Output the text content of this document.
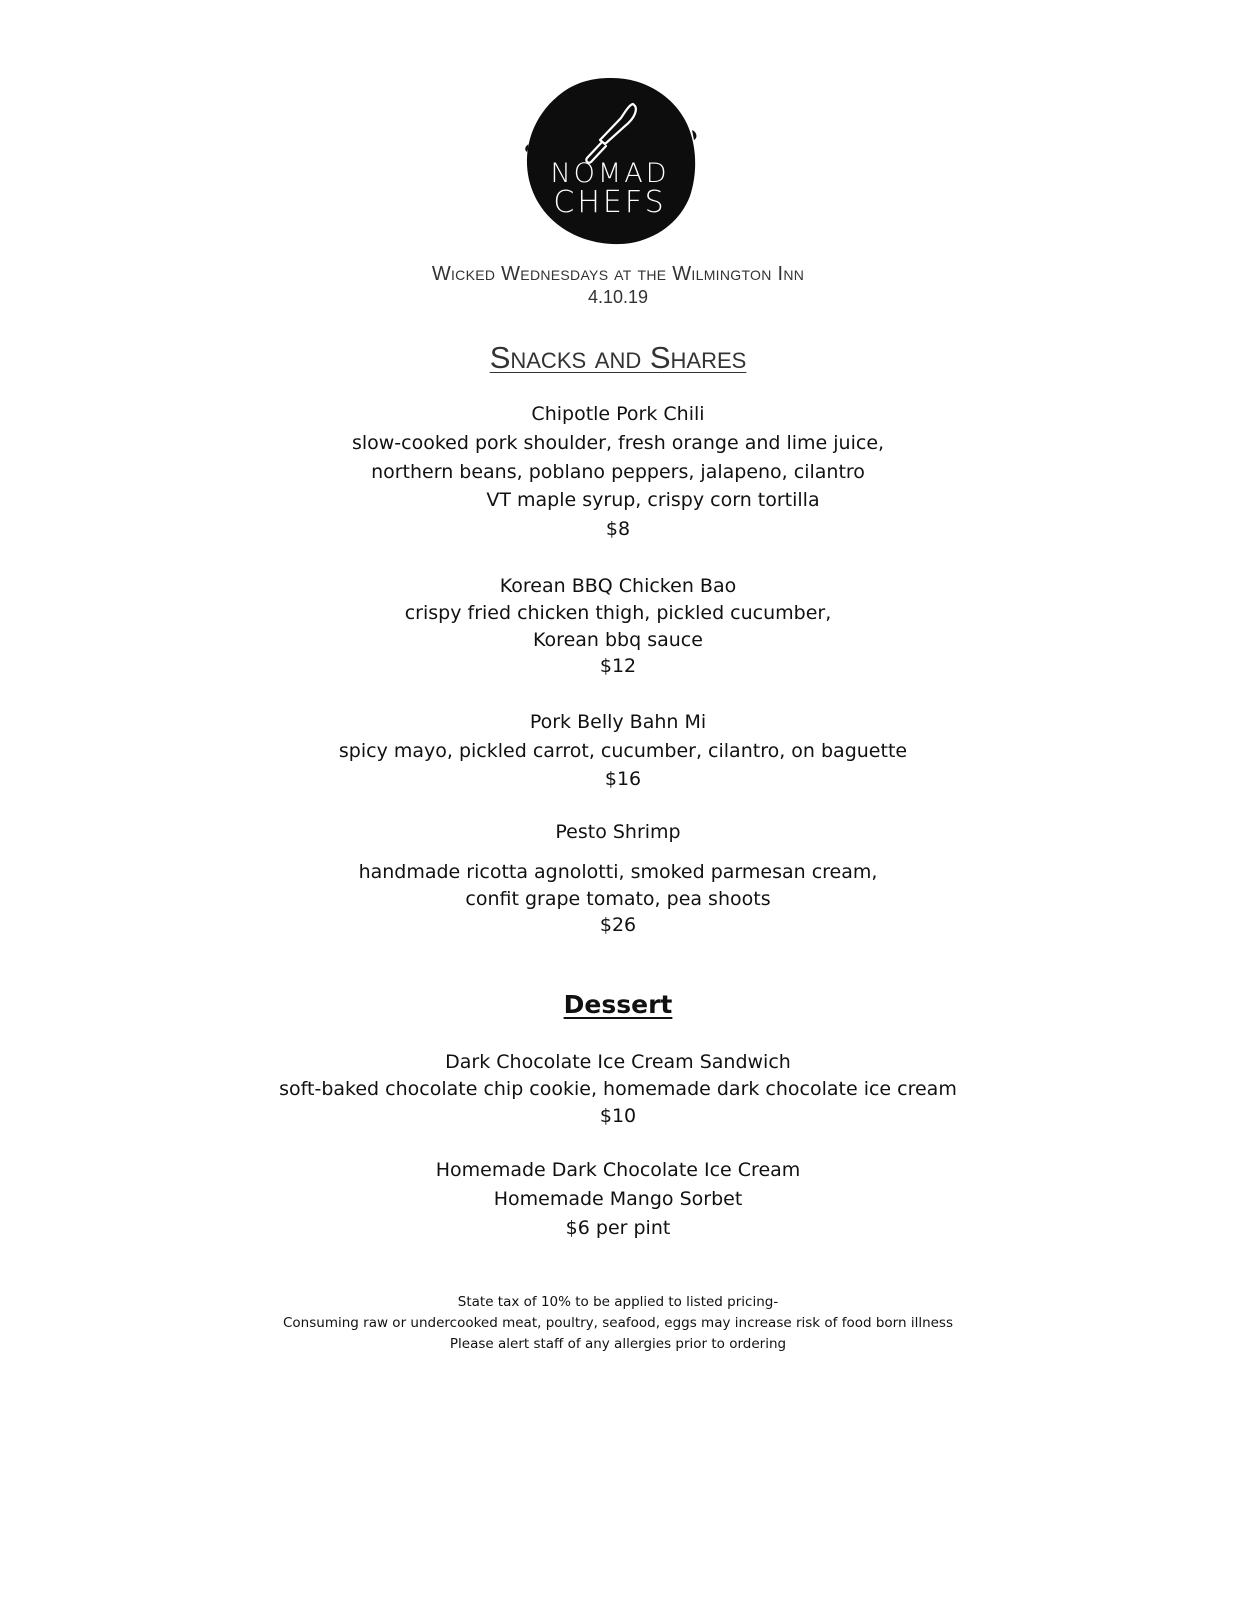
NOMAD
CHEFS
Wicked Wednesdays at the Wilmington Inn
4.10.19
Snacks and Shares
Chipotle Pork Chili
slow-cooked pork shoulder, fresh orange and lime juice,
northern beans, poblano peppers, jalapeno, cilantro
VT maple syrup, crispy corn tortilla
$8
Korean BBQ Chicken Bao
crispy fried chicken thigh, pickled cucumber,
Korean bbq sauce
$12
Pork Belly Bahn Mi
spicy mayo, pickled carrot, cucumber, cilantro, on baguette
$16
Pesto Shrimp
handmade ricotta agnolotti, smoked parmesan cream,
confit grape tomato, pea shoots
$26
Dessert
Dark Chocolate Ice Cream Sandwich
soft-baked chocolate chip cookie, homemade dark chocolate ice cream
$10
Homemade Dark Chocolate Ice Cream
Homemade Mango Sorbet
$6 per pint
State tax of 10% to be applied to listed pricing-
Consuming raw or undercooked meat, poultry, seafood, eggs may increase risk of food born illness
Please alert staff of any allergies prior to ordering
